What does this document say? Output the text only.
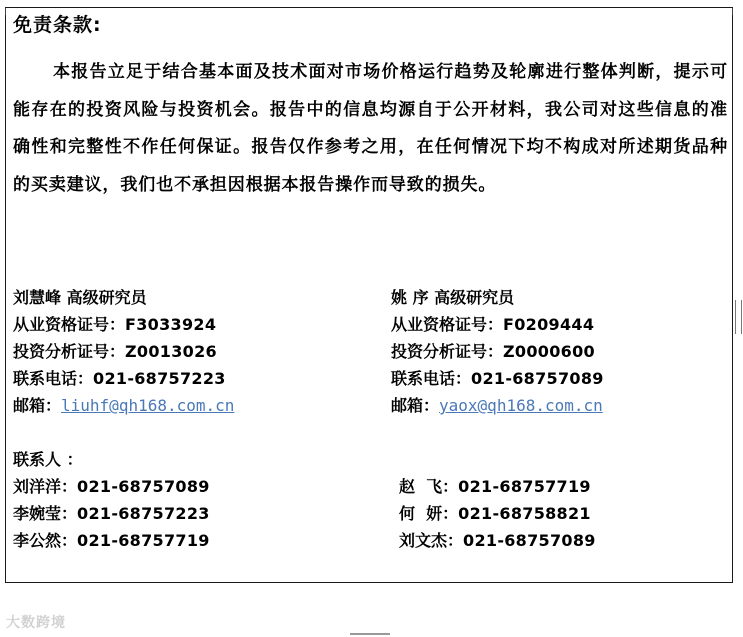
免责条款:

本报告立足于结合基本面及技术面对市场价格运行趋势及轮廓进行整体判断，提示可能存在的投资风险与投资机会。报告中的信息均源自于公开材料，我公司对这些信息的准确性和完整性不作任何保证。报告仅作参考之用，在任何情况下均不构成对所述期货品种的买卖建议，我们也不承担因根据本报告操作而导致的损失。

刘慧峰 高级研究员
从业资格证号：F3033924
投资分析证号：Z0013026
联系电话：021-68757223
邮箱：liuhf@qh168.com.cn
姚 序 高级研究员
从业资格证号：F0209444
投资分析证号：Z0000600
联系电话：021-68757089
邮箱：yaox@qh168.com.cn
联系人 ：
刘洋洋：021-68757089
李婉莹：021-68757223
李公然：021-68757719
赵  飞：021-68757719
何  妍：021-68758821
刘文杰：021-68757089
大数跨境
